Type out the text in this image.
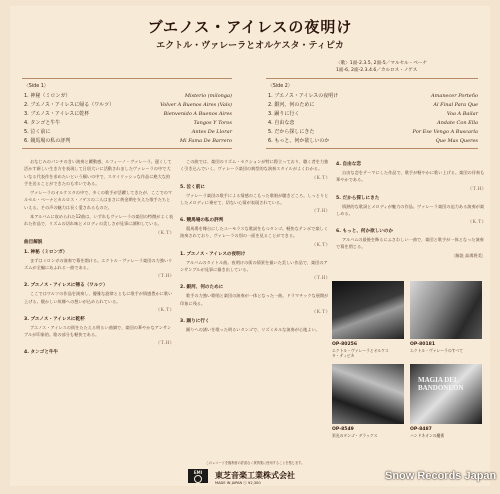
ブエノス・アイレスの夜明け
エクトル・ヴァレーラとオルケスタ・ティピカ
〈歌〉1面-2.3.5, 2面-5／マルセル・ベーナ
1面-6, 2面-2.3.4.6／カルロス・ノゲス
〈Side 1〉
1. 神秘（ミロンガ）	Misterio (milonga)
2. ブエノス・アイレスに帰る（ワルツ）	Volver A Buenos Aires (Vals)
3. ブエノス・アイレスに乾杯	Bienvenido A Buenos Aires
4. タンゴと牛牛	Tangos Y Toros
5. 泣く前に	Antes De Llorar
6. 競馬場の私の評判	Mi Fama De Barrero
〈Side 2〉
1. ブエノス・アイレスの夜明け	Amanecer Porteño
2. 銀河、何のために	Al Final Para Que
3. 踊りに行く	Voa A Bailar
4. 自由な恋	Andate Con Ella
5. だから探しにきた	Por Ese Vengo A Buscarla
6. もっと、何か欲しいのか	Que Mas Queres
おなじみのパンチのきい演奏と躍動感、ルフィーノ・ヴァレーラ。遅くして活かす新しい生き方を表現して日頃大いに活動されましたヴァレーラの中で大いなる代表作を求めたいという願いの中で、スタイリッシュな作品に絶大な拍手を送ることができたのも幸いである。
ヴァレーラのオルケスタの中で、多くの歌手が活躍してきたが、ここでのマルセル・ベーナとカルロス・ノゲスの二人はまさに黄金期を支えた歌手たちといえる。その声の魅力は長く愛されるものだ。
本アルバムに収められた12曲は、いずれもヴァレーラの楽団の特徴がよく表れた作品で、リズムの切れ味とメロディの美しさが見事に調和している。
（Ｋ.Ｔ）
曲目解説
1. 神秘（ミロンガ）
まずはミロンガの演奏で幕を開ける。エクトル・ヴァレーラ楽団の力強いリズムが全編にあふれる一曲である。
（Ｔ.Ｈ）
2. ブエノス・アイレスに帰る（ワルツ）
ここではワルツの作品を演奏し、優雅な旋律とともに歌手が情感豊かに歌い上げる。懐かしい故郷への想いが込められている。
（Ｋ.Ｔ）
3. ブエノス・アイレスに乾杯
ブエノス・アイレスの街をたたえる明るい曲調で、楽団の華やかなアンサンブルが印象的。歌の部分も軽快である。
（Ｔ.Ｈ）
4. タンゴと牛牛
この曲では、楽団のリズム・セクションが特に際立っており、聴く者を力強く引き込んでいく。ヴァレーラ楽団の典型的な演奏スタイルがよくわかる。
（Ｋ.Ｔ）
5. 泣く前に
ヴァレーラ楽団の歌手による情感のこもった歌唱が聴きどころ。しっとりとしたメロディに乗せて、切ない心情が表現されている。
（Ｔ.Ｈ）
6. 競馬場の私の評判
競馬場を舞台にしたユーモラスな歌詞をもつタンゴ。軽快なテンポで楽しく演奏されており、ヴァレーラの別の一面を見ることができる。
（Ｋ.Ｔ）
1. ブエノス・アイレスの夜明け
アルバムのタイトル曲。夜明けの街の情景を描いた美しい作品で、楽団のアンサンブルが見事に描き出している。
（Ｔ.Ｈ）
2. 銀河、何のために
歌手の力強い歌唱と楽団の演奏が一体となった一曲。ドラマチックな展開が印象に残る。
（Ｋ.Ｔ）
3. 踊りに行く
踊りへの誘いを歌った明るいタンゴで、リズミカルな演奏が心地よい。
4. 自由な恋
自由な恋をテーマにした作品で、歌手が軽やかに歌い上げる。楽団の伴奏も華やかである。
（Ｔ.Ｈ）
5. だから探しにきた
情熱的な歌詞とメロディが魅力の作品。ヴァレーラ楽団の迫力ある演奏が楽しめる。
（Ｋ.Ｔ）
6. もっと、何か欲しいのか
アルバムの最後を飾るにふさわしい一曲で、楽団と歌手が一体となった演奏で幕を閉じる。
〔解説 高場将美〕
OP-80256
エクトル・ヴァレーラとオルケスタ・ティピカ
OP-80181
エクトル・ヴァレーラのすべて
MAGIA DEL BANDONEON
OP-8549
栄光のタンゴ・デラックス
OP-8487
ハンドネオンの魔術
このレコードを権利者の許諾なく賃貸業に使用することを禁じます。
EMI 東芝音楽工業株式会社
MADE IN JAPAN ⓒ ¥2,300
Snow Records Japan
